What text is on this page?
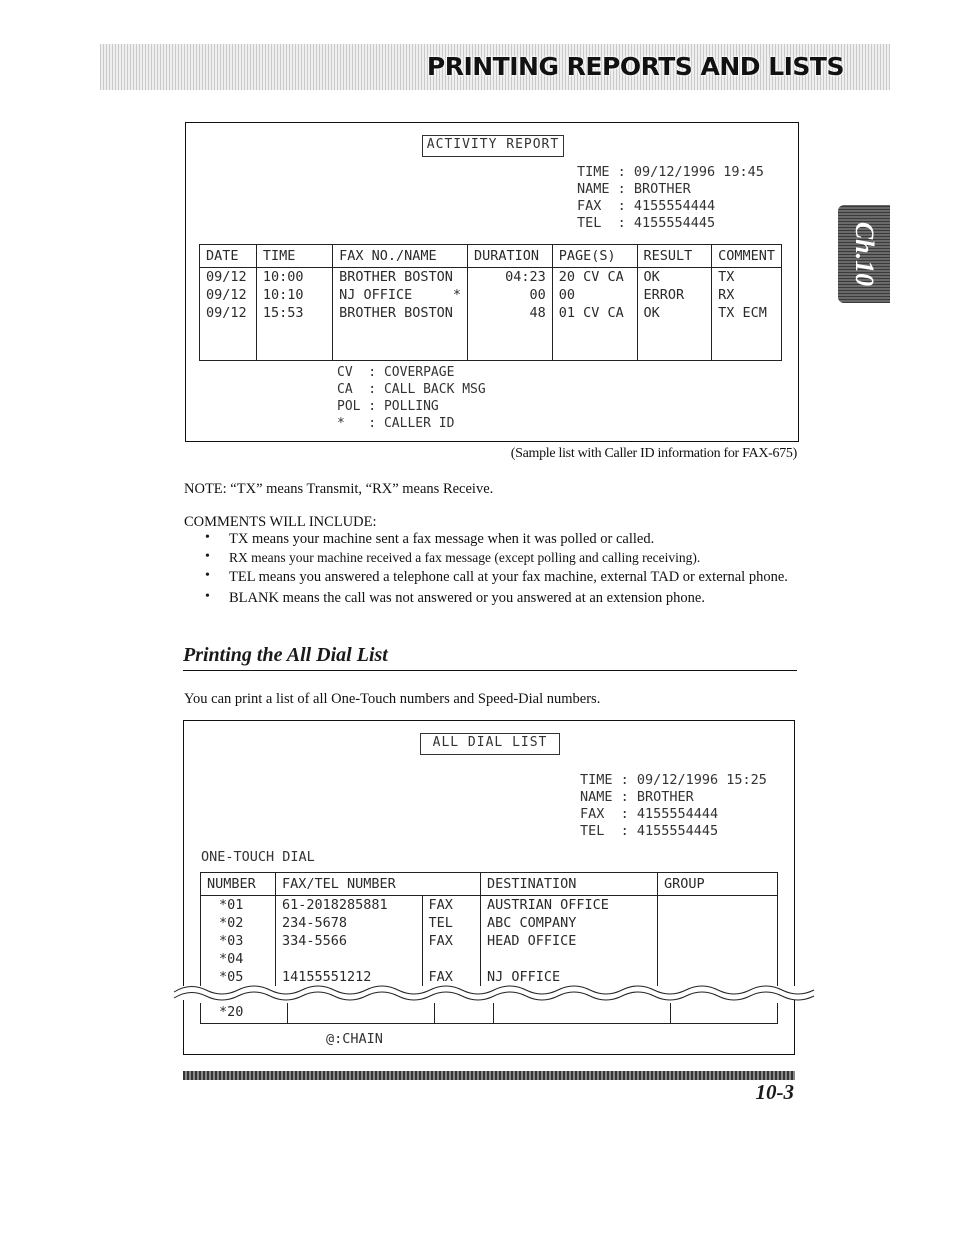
PRINTING REPORTS AND LISTS
Ch.10
ACTIVITY REPORT
TIME : 09/12/1996 19:45
NAME : BROTHER
FAX  : 4155554444
TEL  : 4155554445
DATE	TIME	FAX NO./NAME	DURATION	PAGE(S)	RESULT	COMMENT
09/12	10:00	BROTHER BOSTON	04:23	20 CV CA	OK	TX
09/12	10:10	NJ OFFICE     *	00	00	ERROR	RX
09/12	15:53	BROTHER BOSTON	48	01 CV CA	OK	TX ECM

CV  : COVERPAGE
CA  : CALL BACK MSG
POL : POLLING
*   : CALLER ID
(Sample list with Caller ID information for FAX-675)
NOTE: “TX” means Transmit, “RX” means Receive.
COMMENTS WILL INCLUDE:
•	TX means your machine sent a fax message when it was polled or called.
•	RX means your machine received a fax message (except polling and calling receiving).
•	TEL means you answered a telephone call at your fax machine, external TAD or external phone.
•	BLANK means the call was not answered or you answered at an extension phone.
Printing the All Dial List
You can print a list of all One-Touch numbers and Speed-Dial numbers.
ALL DIAL LIST
TIME : 09/12/1996 15:25
NAME : BROTHER
FAX  : 4155554444
TEL  : 4155554445
ONE-TOUCH DIAL
NUMBER	FAX/TEL NUMBER		DESTINATION	GROUP
*01	61-2018285881	FAX	AUSTRIAN OFFICE	
*02	234-5678	TEL	ABC COMPANY	
*03	334-5566	FAX	HEAD OFFICE	
*04				
*05	14155551212	FAX	NJ OFFICE	
*20				
@:CHAIN
10-3
